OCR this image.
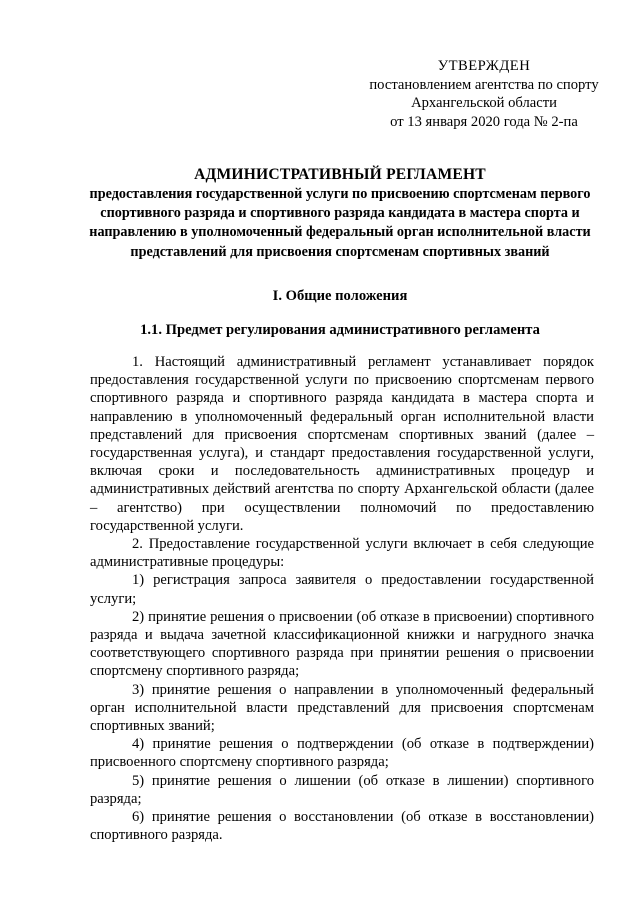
УТВЕРЖДЕН
постановлением агентства по спорту
Архангельской области
от 13 января 2020 года № 2-па
АДМИНИСТРАТИВНЫЙ РЕГЛАМЕНТ
предоставления государственной услуги по присвоению спортсменам первого спортивного разряда и спортивного разряда кандидата в мастера спорта и направлению в уполномоченный федеральный орган исполнительной власти представлений для присвоения спортсменам спортивных званий
I. Общие положения
1.1. Предмет регулирования административного регламента

1. Настоящий административный регламент устанавливает порядок предоставления государственной услуги по присвоению спортсменам первого спортивного разряда и спортивного разряда кандидата в мастера спорта и направлению в уполномоченный федеральный орган исполнительной власти представлений для присвоения спортсменам спортивных званий (далее – государственная услуга), и стандарт предоставления государственной услуги, включая сроки и последовательность административных процедур и административных действий агентства по спорту Архангельской области (далее – агентство) при осуществлении полномочий по предоставлению государственной услуги.

2. Предоставление государственной услуги включает в себя следующие административные процедуры:

1) регистрация запроса заявителя о предоставлении государственной услуги;

2) принятие решения о присвоении (об отказе в присвоении) спортивного разряда и выдача зачетной классификационной книжки и нагрудного значка соответствующего спортивного разряда при принятии решения о присвоении спортсмену спортивного разряда;

3) принятие решения о направлении в уполномоченный федеральный орган исполнительной власти представлений для присвоения спортсменам спортивных званий;

4) принятие решения о подтверждении (об отказе в подтверждении) присвоенного спортсмену спортивного разряда;

5) принятие решения о лишении (об отказе в лишении) спортивного разряда;

6) принятие решения о восстановлении (об отказе в восстановлении) спортивного разряда.
